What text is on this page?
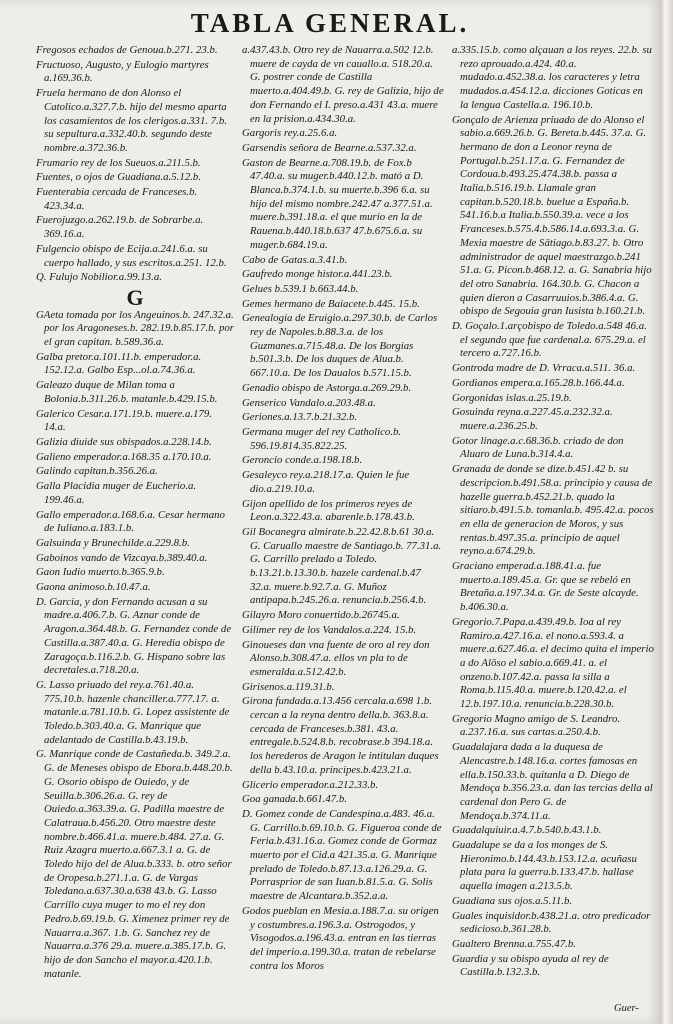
TABLA GENERAL.

Fregosos echados de Genoua.b.271. 23.b.

Fructuoso, Augusto, y Eulogio martyres a.169.36.b.

Fruela hermano de don Alonso el Catolico.a.327.7.b. hijo del mesmo aparta los casamientos de los clerigos.a.331. 7.b. su sepultura.a.332.40.b. segundo deste nombre.a.372.36.b.

Frumario rey de los Sueuos.a.211.5.b.

Fuentes, o ojos de Guadiana.a.5.12.b.

Fuenterabia cercada de Franceses.b. 423.34.a.

Fuerojuzgo.a.262.19.b. de Sobrarbe.a. 369.16.a.

Fulgencio obispo de Ecija.a.241.6.a. su cuerpo hallado, y sus escritos.a.251. 12.b.

Q. Fulujo Nobilior.a.99.13.a.

G

GAeta tomada por los Angeuinos.b. 247.32.a. por los Aragoneses.b. 282.19.b.85.17.b. por el gran capitan. b.589.36.a.

Galba pretor.a.101.11.b. emperador.a. 152.12.a. Galbo Esp...ol.a.74.36.a.

Galeazo duque de Milan toma a Bolonia.b.311.26.b. matanle.b.429.15.b.

Galerico Cesar.a.171.19.b. muere.a.179. 14.a.

Galizia diuide sus obispados.a.228.14.b.

Galieno emperador.a.168.35 a.170.10.a.

Galindo capitan.b.356.26.a.

Galla Placidia muger de Eucherio.a. 199.46.a.

Gallo emperador.a.168.6.a. Cesar hermano de Iuliano.a.183.1.b.

Galsuinda y Brunechilde.a.229.8.b.

Gaboinos vando de Vizcaya.b.389.40.a.

Gaon Iudio muerto.b.365.9.b.

Gaona animoso.b.10.47.a.

D. Garcia, y don Fernando acusan a su madre.a.406.7.b. G. Aznar conde de Aragon.a.364.48.b. G. Fernandez conde de Castilla.a.387.40.a. G. Heredia obispo de Zaragoça.b.116.2.b. G. Hispano sobre las decretales.a.718.20.a.

G. Lasso priuado del rey.a.761.40.a. 775.10.b. hazenle chanciller.a.777.17. a. matanle.a.781.10.b. G. Lopez assistente de Toledo.b.303.40.a. G. Manrique que adelantado de Castilla.b.43.19.b.

G. Manrique conde de Castañeda.b. 349.2.a. G. de Meneses obispo de Ebora.b.448.20.b. G. Osorio obispo de Ouiedo, y de Seuilla.b.306.26.a. G. rey de Ouiedo.a.363.39.a. G. Padilla maestre de Calatraua.b.456.20. Otro maestre deste nombre.b.466.41.a. muere.b.484. 27.a. G. Ruiz Azagra muerto.a.667.3.1 a. G. de Toledo hijo del de Alua.b.333. b. otro señor de Oropesa.b.271.1.a. G. de Vargas Toledano.a.637.30.a.638 43.b. G. Lasso Carrillo cuya muger to mo el rey don Pedro.b.69.19.b. G. Ximenez primer rey de Nauarra.a.367. 1.b. G. Sanchez rey de Nauarra.a.376 29.a. muere.a.385.17.b. G. hijo de don Sancho el mayor.a.420.1.b. matanle.

a.437.43.b. Otro rey de Nauarra.a.502 12.b. muere de cayda de vn cauallo.a. 518.20.a. G. postrer conde de Castilla muerto.a.404.49.b. G. rey de Galizia, hijo de don Fernando el I. preso.a.431 43.a. muere en la prision.a.434.30.a.

Gargoris rey.a.25.6.a.

Garsendis señora de Bearne.a.537.32.a.

Gaston de Bearne.a.708.19.b. de Fox.b 47.40.a. su muger.b.440.12.b. mató a D. Blanca.b.374.1.b. su muerte.b.396 6.a. su hijo del mismo nombre.242.47 a.377.51.a. muere.b.391.18.a. el que murio en la de Rauena.b.440.18.b.637 47.b.675.6.a. su muger.b.684.19.a.

Cabo de Gatas.a.3.41.b.

Gaufredo monge histor.a.441.23.b.

Gelues b.539.1 b.663.44.b.

Gemes hermano de Baiacete.b.445. 15.b.

Genealogia de Eruigio.a.297.30.b. de Carlos rey de Napoles.b.88.3.a. de los Guzmanes.a.715.48.a. De los Borgias b.501.3.b. De los duques de Alua.b. 667.10.a. De los Daualos b.571.15.b.

Genadio obispo de Astorga.a.269.29.b.

Genserico Vandalo.a.203.48.a.

Geriones.a.13.7.b.21.32.b.

Germana muger del rey Catholico.b. 596.19.814.35.822.25.

Geroncio conde.a.198.18.b.

Gesaleyco rey.a.218.17.a. Quien le fue dio.a.219.10.a.

Gijon apellido de los primeros reyes de Leon.a.322.43.a. abarenle.b.178.43.b.

Gil Bocanegra almirate.b.22.42.8.b.61 30.a. G. Caruallo maestre de Santiago.b. 77.31.a. G. Carrillo prelado a Toledo. b.13.21.b.13.30.b. hazele cardenal.b.47 32.a. muere.b.92.7.a. G. Muñoz antipapa.b.245.26.a. renuncia.b.256.4.b.

Gilayro Moro conuertido.b.26745.a.

Gilimer rey de los Vandalos.a.224. 15.b.

Ginoueses dan vna fuente de oro al rey don Alonso.b.308.47.a. ellos vn pla to de esmeralda.a.512.42.b.

Girisenos.a.119.31.b.

Girona fundada.a.13.456 cercala.a.698 1.b. cercan a la reyna dentro della.b. 363.8.a. cercada de Franceses.b.381. 43.a. entregale.b.524.8.b. recobrase.b 394.18.a. los herederos de Aragon le intitulan duques della b.43.10.a. principes.b.423.21.a.

Glicerio emperador.a.212.33.b.

Goa ganada.b.661.47.b.

D. Gomez conde de Candespina.a.483. 46.a. G. Carrillo.b.69.10.b. G. Figueroa conde de Feria.b.431.16.a. Gomez conde de Gormaz muerto por el Cid.a 421.35.a. G. Manrique prelado de Toledo.b.87.13.a.126.29.a. G. Porrasprior de san Iuan.b.81.5.a. G. Solis maestre de Alcantara.b.352.a.a.

Godos pueblan en Mesia.a.188.7.a. su origen y costumbres.a.196.3.a. Ostrogodos, y Visogodos.a.196.43.a. entran en las tierras del imperio.a.199.30.a. tratan de rebelarse contra los Moros

a.335.15.b. como alçauan a los reyes. 22.b. su rezo aprouado.a.424. 40.a. mudado.a.452.38.a. los caracteres y letra mudados.a.454.12.a. dicciones Goticas en la lengua Castella.a. 196.10.b.

Gonçalo de Arienza priuado de do Alonso el sabio.a.669.26.b. G. Bereta.b.445. 37.a. G. hermano de don a Leonor reyna de Portugal.b.251.17.a. G. Fernandez de Cordoua.b.493.25.474.38.b. passa a Italia.b.516.19.b. Llamale gran capitan.b.520.18.b. buelue a España.b. 541.16.b.a Italia.b.550.39.a. vece a los Franceses.b.575.4.b.586.14.a.693.3.a. G. Mexia maestre de Sātiago.b.83.27. b. Otro administrador de aquel maestrazgo.b.241 51.a. G. Picon.b.468.12. a. G. Sanabria hijo del otro Sanabria. 164.30.b. G. Chacon a quien dieron a Casarruuios.b.386.4.a. G. obispo de Segouia gran Iusista b.160.21.b.

D. Goçalo.1.arçobispo de Toledo.a.548 46.a. el segundo que fue cardenal.a. 675.29.a. el tercero a.727.16.b.

Gontroda madre de D. Vrraca.a.511. 36.a.

Gordianos empera.a.165.28.b.166.44.a.

Gorgonidas islas.a.25.19.b.

Gosuinda reyna.a.227.45.a.232.32.a. muere.a.236.25.b.

Gotor linage.a.c.68.36.b. criado de don Aluaro de Luna.b.314.4.a.

Granada de donde se dize.b.451.42 b. su descripcion.b.491.58.a. principio y causa de hazelle guerra.b.452.21.b. quado la sitiaro.b.491.5.b. tomanla.b. 495.42.a. pocos en ella de generacion de Moros, y sus rentas.b.497.35.a. principio de aquel reyno.a.674.29.b.

Graciano emperad.a.188.41.a. fue muerto.a.189.45.a. Gr. que se rebeló en Bretaña.a.197.34.a. Gr. de Seste alcayde. b.406.30.a.

Gregorio.7.Papa.a.439.49.b. Ioa al rey Ramiro.a.427.16.a. el nono.a.593.4. a muere.a.627.46.a. el decimo quita el imperio a do Alōso el sabio.a.669.41. a. el onzeno.b.107.42.a. passa la silla a Roma.b.115.40.a. muere.b.120.42.a. el 12.b.197.10.a. renuncia.b.228.30.b.

Gregorio Magno amigo de S. Leandro. a.237.16.a. sus cartas.a.250.4.b.

Guadalajara dada a la duquesa de Alencastre.b.148.16.a. cortes famosas en ella.b.150.33.b. quitanla a D. Diego de Mendoça b.356.23.a. dan las tercias della al cardenal don Pero G. de Mendoça.b.374.11.a.

Guadalquiuir.a.4.7.b.540.b.43.1.b.

Guadalupe se da a los monges de S. Hieronimo.b.144.43.b.153.12.a. acuñasu plata para la guerra.b.133.47.b. hallase aquella imagen a.213.5.b.

Guadiana sus ojos.a.5.11.b.

Guales inquisidor.b.438.21.a. otro predicador sedicioso.b.361.28.b.

Gualtero Brenna.a.755.47.b.

Guardia y su obispo ayuda al rey de Castilla.b.132.3.b.

Guer-
